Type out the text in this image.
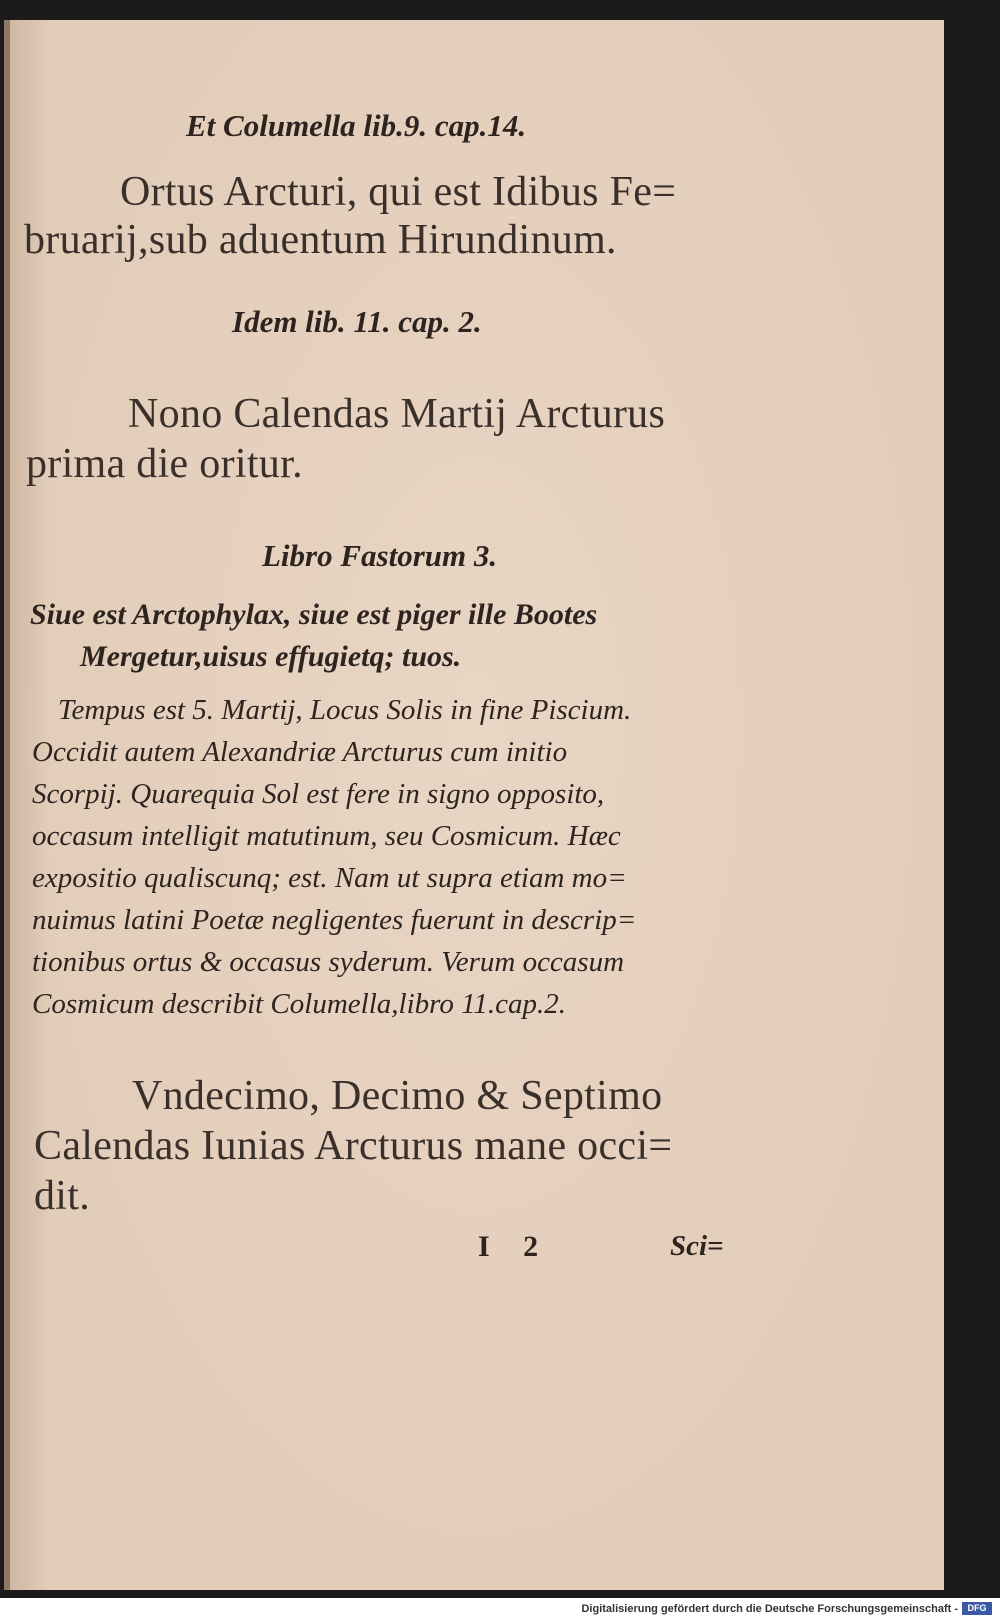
Et Columella lib.9. cap.14.
Ortus Arcturi, qui est Idibus Fe=
bruarij,sub aduentum Hirundinum.
Idem lib. 11. cap. 2.
Nono Calendas Martij Arcturus
prima die oritur.
Libro Fastorum 3.
Siue est Arctophylax, siue est piger ille Bootes
Mergetur,uisus effugietq; tuos.
Tempus est 5. Martij, Locus Solis in fine Piscium.
Occidit autem Alexandriæ Arcturus cum initio
Scorpij. Quarequia Sol est fere in signo opposito,
occasum intelligit matutinum, seu Cosmicum. Hæc
expositio qualiscunq; est. Nam ut supra etiam mo=
nuimus latini Poetæ negligentes fuerunt in descrip=
tionibus ortus & occasus syderum. Verum occasum
Cosmicum describit Columella,libro 11.cap.2.
Vndecimo, Decimo & Septimo
Calendas Iunias Arcturus mane occi=
dit.
I 2	Sci=
Digitalisierung gefördert durch die Deutsche Forschungsgemeinschaft -	DFG
